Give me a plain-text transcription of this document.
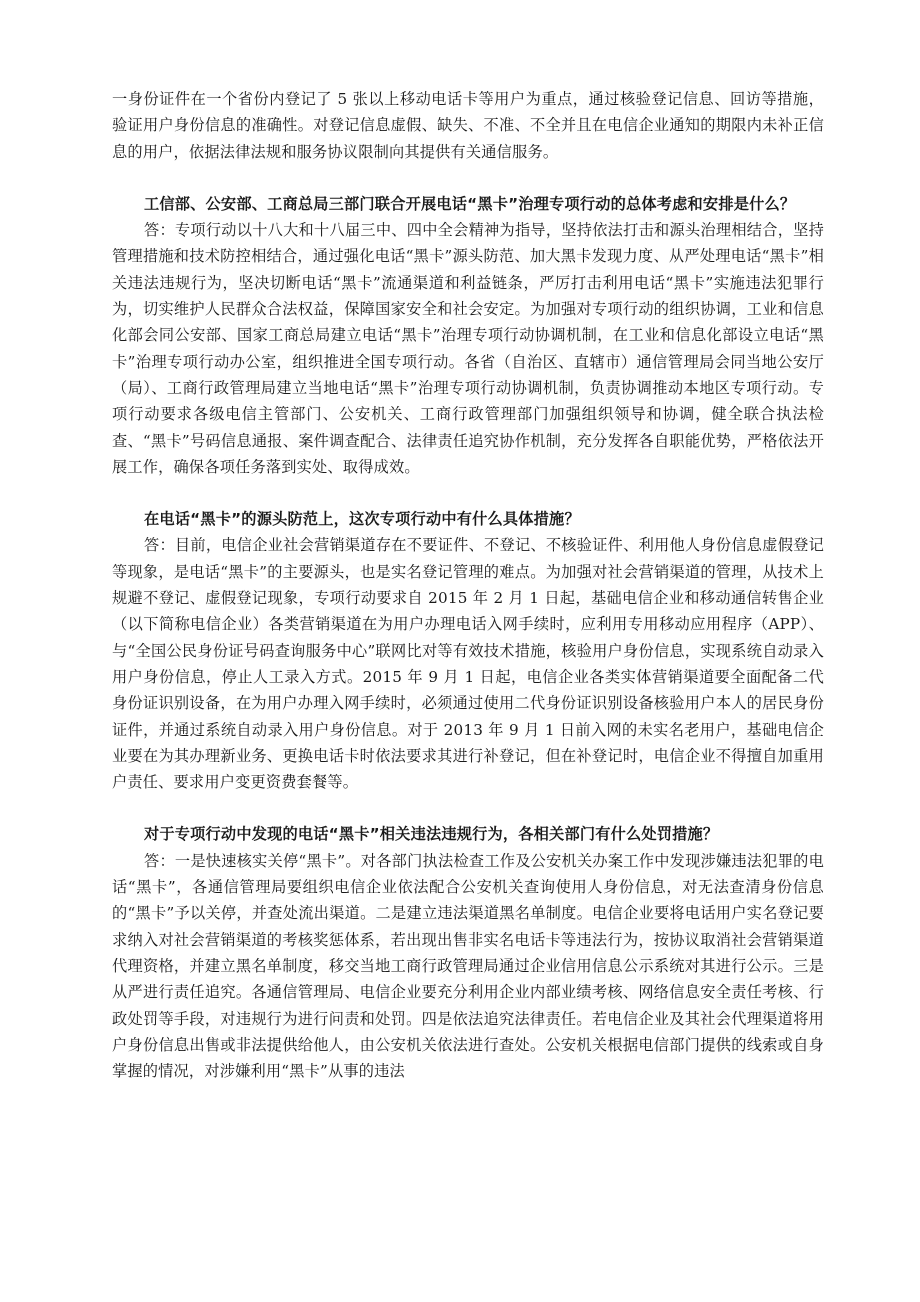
一身份证件在一个省份内登记了 5 张以上移动电话卡等用户为重点，通过核验登记信息、回访等措施，验证用户身份信息的准确性。对登记信息虚假、缺失、不准、不全并且在电信企业通知的期限内未补正信息的用户，依据法律法规和服务协议限制向其提供有关通信服务。

工信部、公安部、工商总局三部门联合开展电话“黑卡”治理专项行动的总体考虑和安排是什么？

答：专项行动以十八大和十八届三中、四中全会精神为指导，坚持依法打击和源头治理相结合，坚持管理措施和技术防控相结合，通过强化电话“黑卡”源头防范、加大黑卡发现力度、从严处理电话“黑卡”相关违法违规行为，坚决切断电话“黑卡”流通渠道和利益链条，严厉打击利用电话“黑卡”实施违法犯罪行为，切实维护人民群众合法权益，保障国家安全和社会安定。为加强对专项行动的组织协调，工业和信息化部会同公安部、国家工商总局建立电话“黑卡”治理专项行动协调机制，在工业和信息化部设立电话“黑卡”治理专项行动办公室，组织推进全国专项行动。各省（自治区、直辖市）通信管理局会同当地公安厅（局）、工商行政管理局建立当地电话“黑卡”治理专项行动协调机制，负责协调推动本地区专项行动。专项行动要求各级电信主管部门、公安机关、工商行政管理部门加强组织领导和协调，健全联合执法检查、“黑卡”号码信息通报、案件调查配合、法律责任追究协作机制，充分发挥各自职能优势，严格依法开展工作，确保各项任务落到实处、取得成效。

在电话“黑卡”的源头防范上，这次专项行动中有什么具体措施？

答：目前，电信企业社会营销渠道存在不要证件、不登记、不核验证件、利用他人身份信息虚假登记等现象，是电话“黑卡”的主要源头，也是实名登记管理的难点。为加强对社会营销渠道的管理，从技术上规避不登记、虚假登记现象，专项行动要求自 2015 年 2 月 1 日起，基础电信企业和移动通信转售企业（以下简称电信企业）各类营销渠道在为用户办理电话入网手续时，应利用专用移动应用程序（APP）、与“全国公民身份证号码查询服务中心”联网比对等有效技术措施，核验用户身份信息，实现系统自动录入用户身份信息，停止人工录入方式。2015 年 9 月 1 日起，电信企业各类实体营销渠道要全面配备二代身份证识别设备，在为用户办理入网手续时，必须通过使用二代身份证识别设备核验用户本人的居民身份证件，并通过系统自动录入用户身份信息。对于 2013 年 9 月 1 日前入网的未实名老用户，基础电信企业要在为其办理新业务、更换电话卡时依法要求其进行补登记，但在补登记时，电信企业不得擅自加重用户责任、要求用户变更资费套餐等。

对于专项行动中发现的电话“黑卡”相关违法违规行为，各相关部门有什么处罚措施？

答：一是快速核实关停“黑卡”。对各部门执法检查工作及公安机关办案工作中发现涉嫌违法犯罪的电话“黑卡”，各通信管理局要组织电信企业依法配合公安机关查询使用人身份信息，对无法查清身份信息的“黑卡”予以关停，并查处流出渠道。二是建立违法渠道黑名单制度。电信企业要将电话用户实名登记要求纳入对社会营销渠道的考核奖惩体系，若出现出售非实名电话卡等违法行为，按协议取消社会营销渠道代理资格，并建立黑名单制度，移交当地工商行政管理局通过企业信用信息公示系统对其进行公示。三是从严进行责任追究。各通信管理局、电信企业要充分利用企业内部业绩考核、网络信息安全责任考核、行政处罚等手段，对违规行为进行问责和处罚。四是依法追究法律责任。若电信企业及其社会代理渠道将用户身份信息出售或非法提供给他人，由公安机关依法进行查处。公安机关根据电信部门提供的线索或自身掌握的情况，对涉嫌利用“黑卡”从事的违法
